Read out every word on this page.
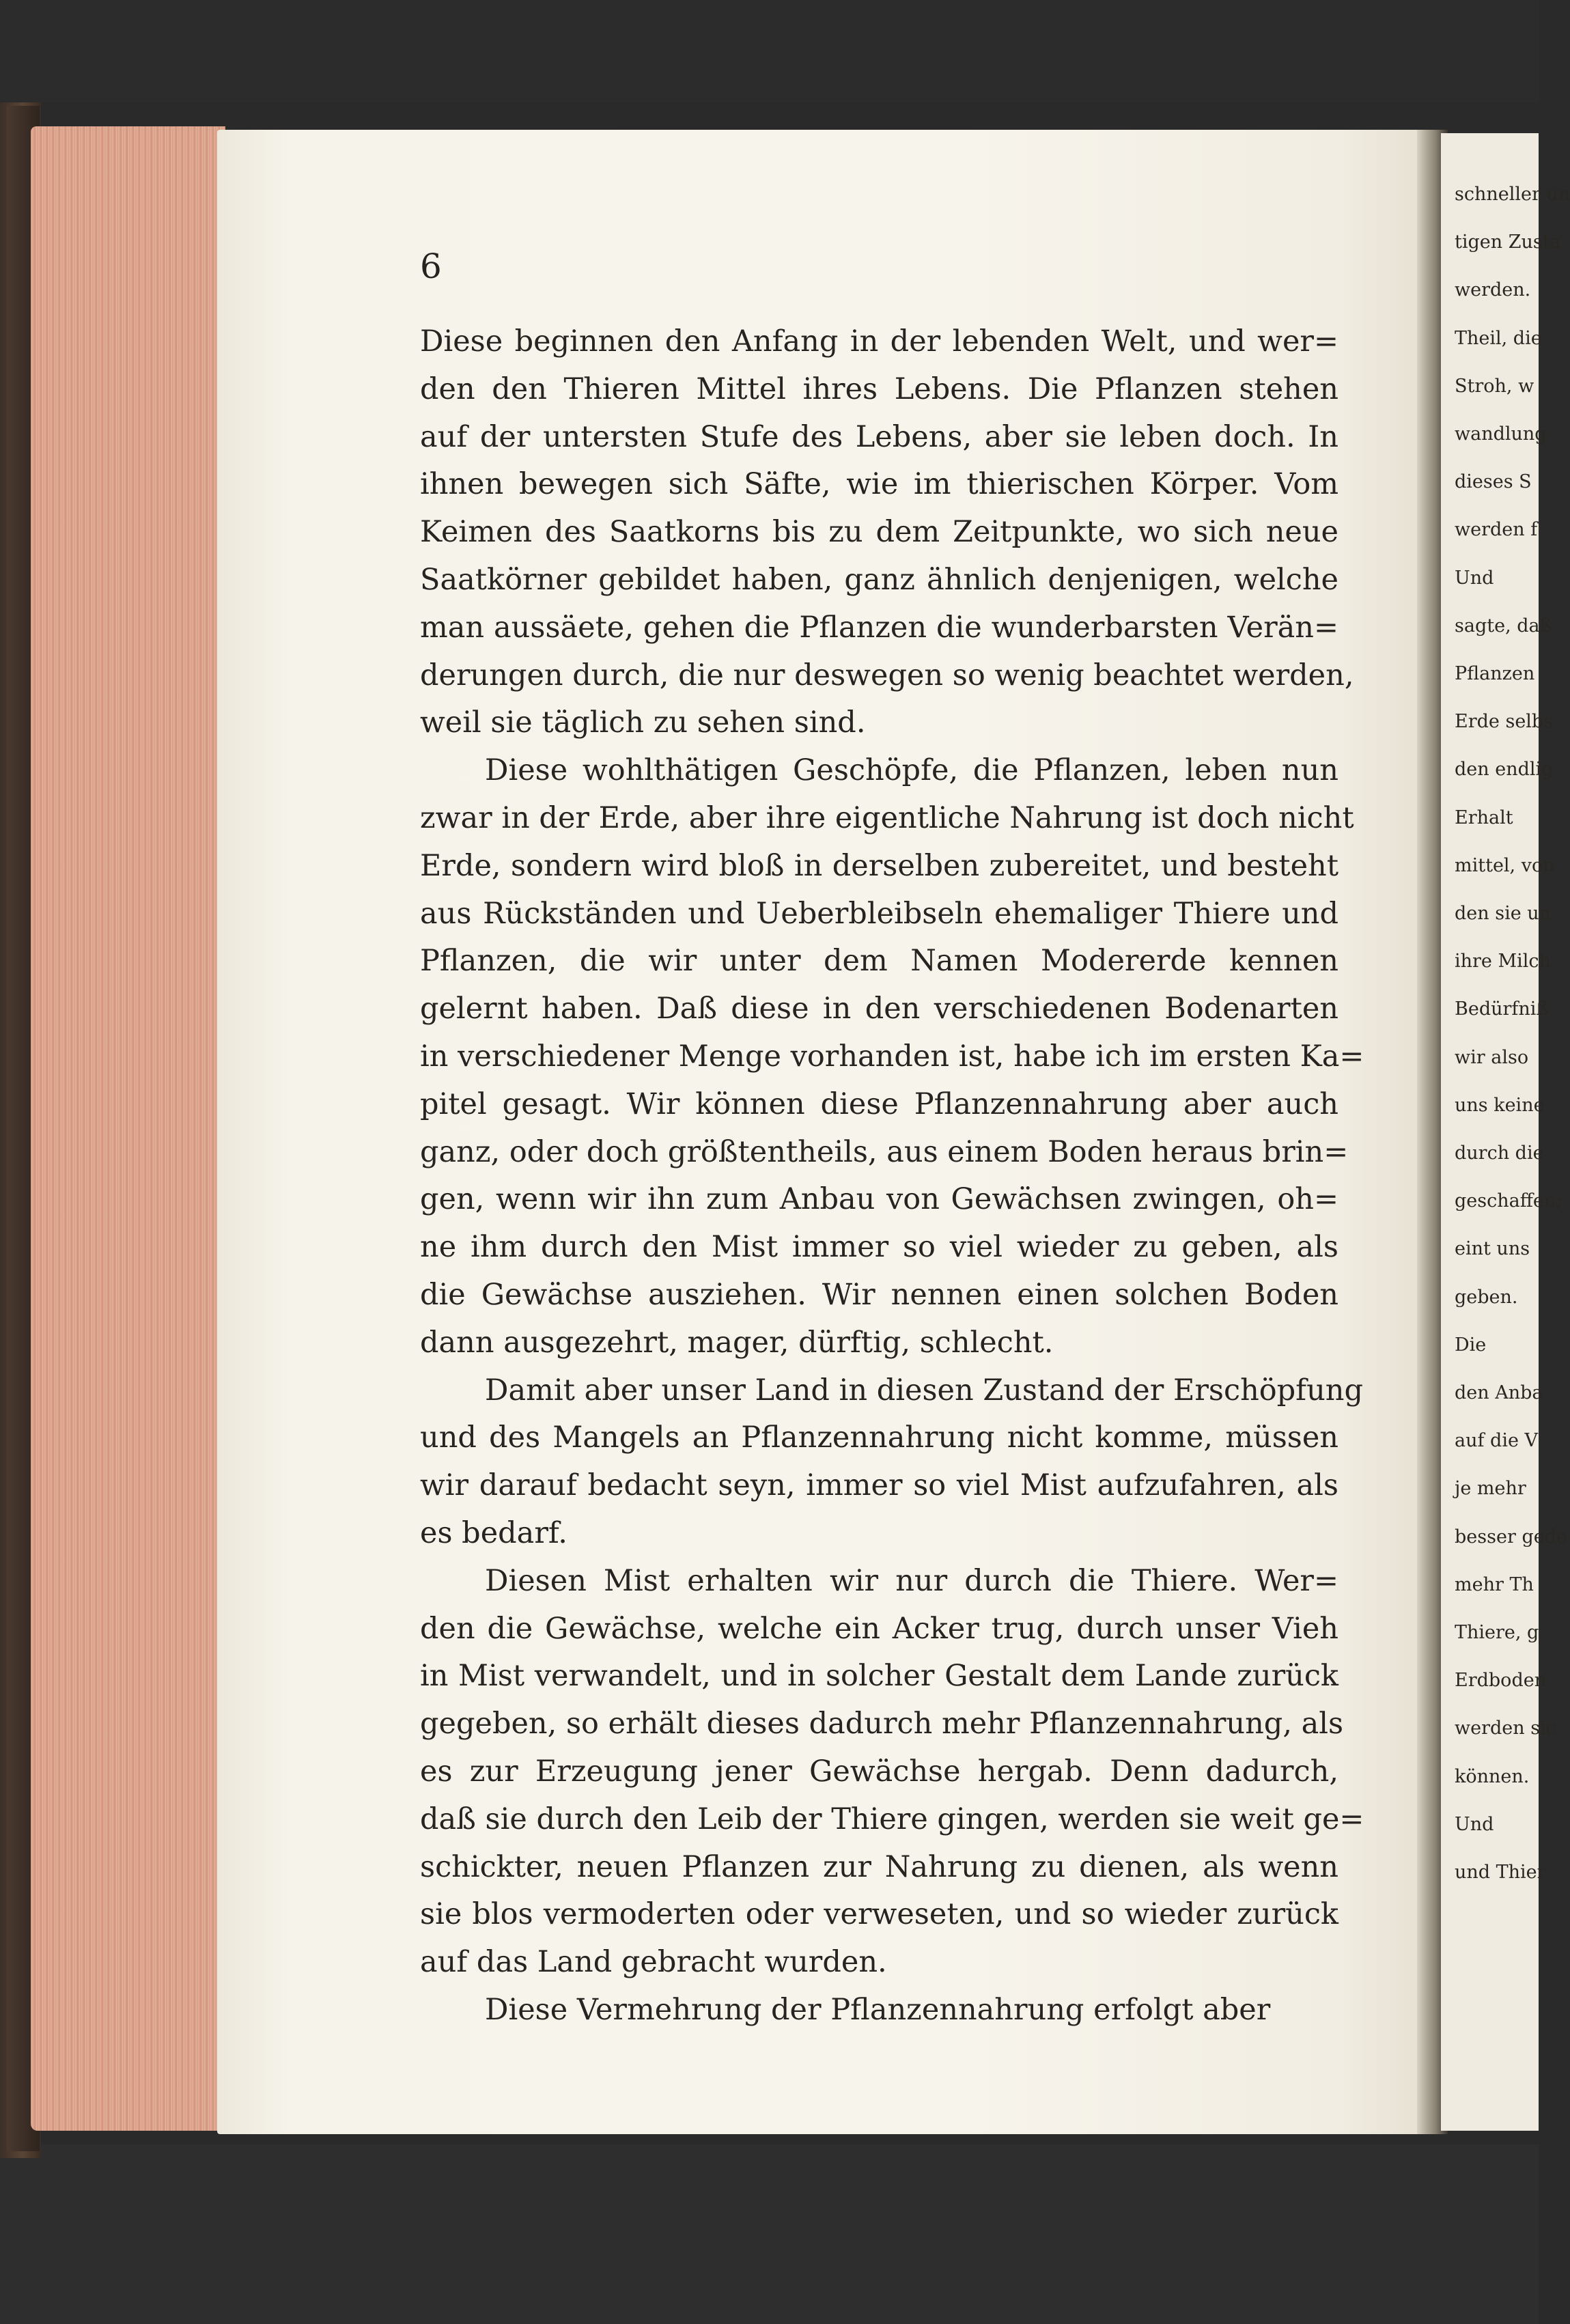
schneller un
tigen Zusta
werden.
Theil, die
Stroh, w
wandlung
dieses S
werden f
Und
sagte, daß
Pflanzen
Erde selbs
den endlig
Erhalt
mittel, von
den sie un
ihre Milch
Bedürfniß
wir also
uns keine
durch die
geschaffen;
eint uns
geben.
Die
den Anba
auf die V
je mehr
besser gede
mehr Th
Thiere, g
Erdboden
werden sic
können.
Und
und Thier
6
Diese beginnen den Anfang in der lebenden Welt, und wer=
den den Thieren Mittel ihres Lebens. Die Pflanzen stehen
auf der untersten Stufe des Lebens, aber sie leben doch. In
ihnen bewegen sich Säfte, wie im thierischen Körper. Vom
Keimen des Saatkorns bis zu dem Zeitpunkte, wo sich neue
Saatkörner gebildet haben, ganz ähnlich denjenigen, welche
man aussäete, gehen die Pflanzen die wunderbarsten Verän=
derungen durch, die nur deswegen so wenig beachtet werden,
weil sie täglich zu sehen sind.
Diese wohlthätigen Geschöpfe, die Pflanzen, leben nun
zwar in der Erde, aber ihre eigentliche Nahrung ist doch nicht
Erde, sondern wird bloß in derselben zubereitet, und besteht
aus Rückständen und Ueberbleibseln ehemaliger Thiere und
Pflanzen, die wir unter dem Namen Modererde kennen
gelernt haben. Daß diese in den verschiedenen Bodenarten
in verschiedener Menge vorhanden ist, habe ich im ersten Ka=
pitel gesagt. Wir können diese Pflanzennahrung aber auch
ganz, oder doch größtentheils, aus einem Boden heraus brin=
gen, wenn wir ihn zum Anbau von Gewächsen zwingen, oh=
ne ihm durch den Mist immer so viel wieder zu geben, als
die Gewächse ausziehen. Wir nennen einen solchen Boden
dann ausgezehrt, mager, dürftig, schlecht.
Damit aber unser Land in diesen Zustand der Erschöpfung
und des Mangels an Pflanzennahrung nicht komme, müssen
wir darauf bedacht seyn, immer so viel Mist aufzufahren, als
es bedarf.
Diesen Mist erhalten wir nur durch die Thiere. Wer=
den die Gewächse, welche ein Acker trug, durch unser Vieh
in Mist verwandelt, und in solcher Gestalt dem Lande zurück
gegeben, so erhält dieses dadurch mehr Pflanzennahrung, als
es zur Erzeugung jener Gewächse hergab. Denn dadurch,
daß sie durch den Leib der Thiere gingen, werden sie weit ge=
schickter, neuen Pflanzen zur Nahrung zu dienen, als wenn
sie blos vermoderten oder verweseten, und so wieder zurück
auf das Land gebracht wurden.
Diese Vermehrung der Pflanzennahrung erfolgt aber
